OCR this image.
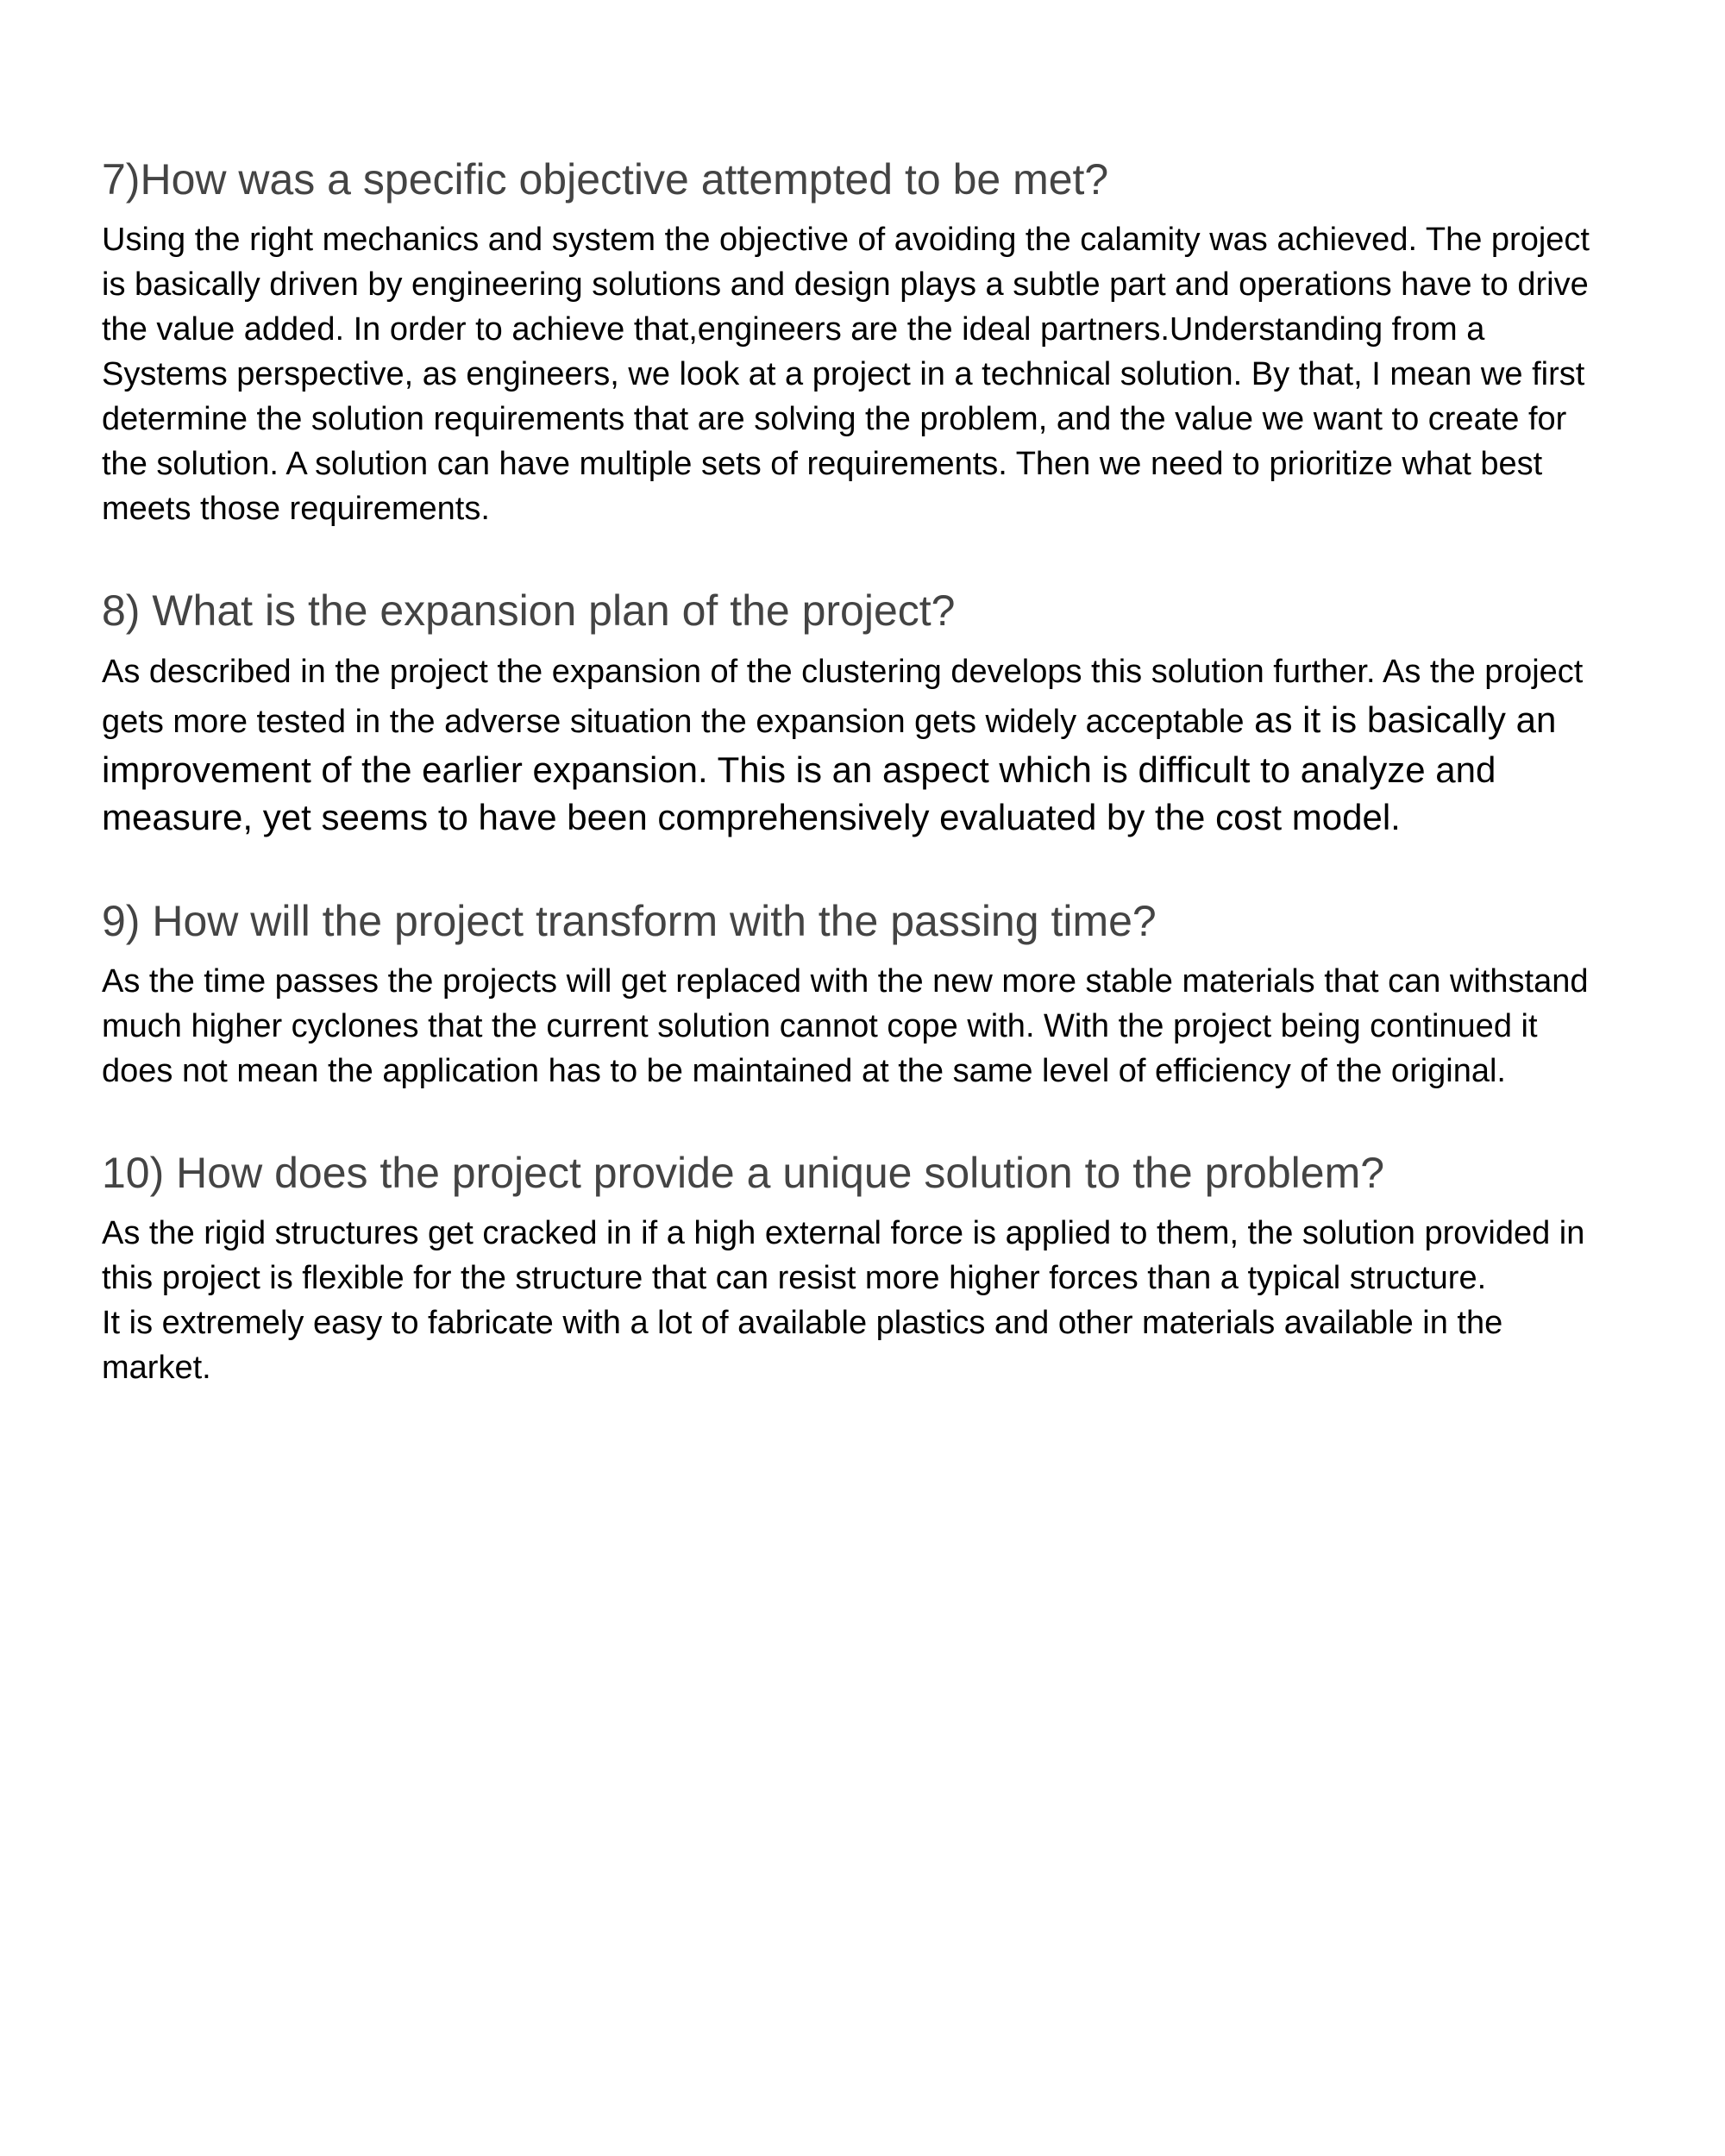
7)How was a specific objective attempted to be met?

Using the right mechanics and system the objective of avoiding the calamity was achieved. The project
is basically driven by engineering solutions and design plays a subtle part and operations have to drive
the value added. In order to achieve that,engineers are the ideal partners.Understanding from a
Systems perspective, as engineers, we look at a project in a technical solution. By that, I mean we first
determine the solution requirements that are solving the problem, and the value we want to create for
the solution. A solution can have multiple sets of requirements. Then we need to prioritize what best
meets those requirements.

8) What is the expansion plan of the project?

As described in the project the expansion of the clustering develops this solution further. As the project
gets more tested in the adverse situation the expansion gets widely acceptable as it is basically an
improvement of the earlier expansion. This is an aspect which is difficult to analyze and
measure, yet seems to have been comprehensively evaluated by the cost model.

9) How will the project transform with the passing time?

As the time passes the projects will get replaced with the new more stable materials that can withstand
much higher cyclones that the current solution cannot cope with. With the project being continued it
does not mean the application has to be maintained at the same level of efficiency of the original.

10) How does the project provide a unique solution to the problem?

As the rigid structures get cracked in if a high external force is applied to them, the solution provided in
this project is flexible for the structure that can resist more higher forces than a typical structure.
It is extremely easy to fabricate with a lot of available plastics and other materials available in the
market.
